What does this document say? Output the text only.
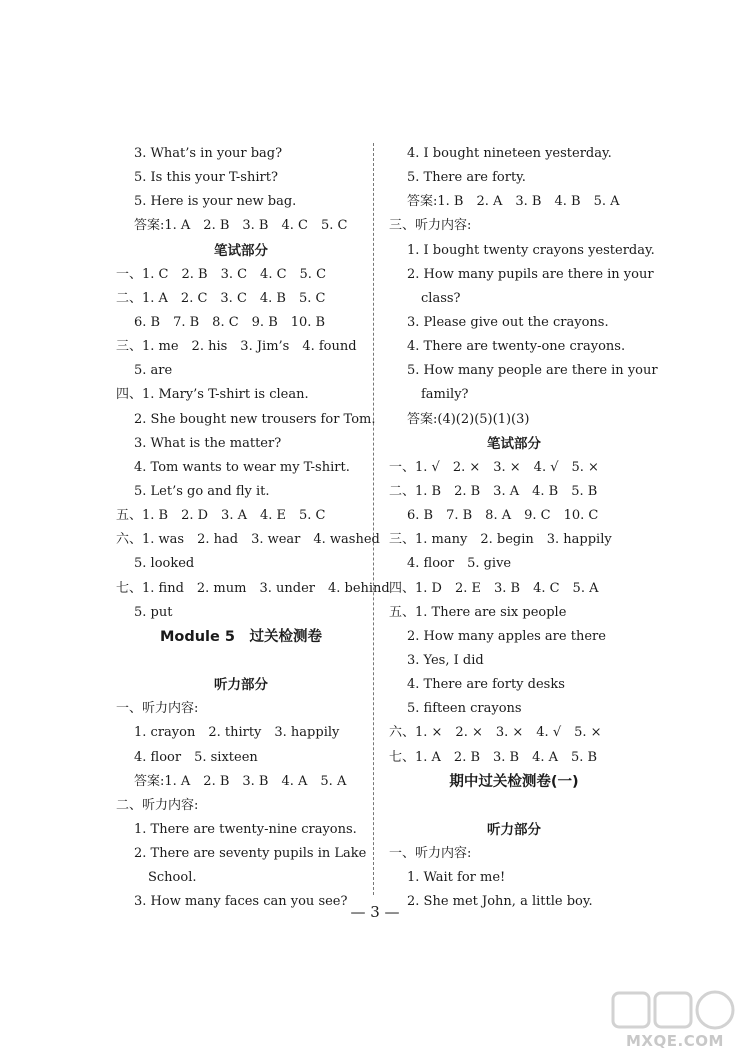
3. What’s in your bag?
5. Is this your T-shirt?
5. Here is your new bag.
答案:1. A　2. B　3. B　4. C　5. C
笔试部分
一、1. C　2. B　3. C　4. C　5. C
二、1. A　2. C　3. C　4. B　5. C
6. B　7. B　8. C　9. B　10. B
三、1. me　2. his　3. Jim’s　4. found
5. are
四、1. Mary’s T-shirt is clean.
2. She bought new trousers for Tom.
3. What is the matter?
4. Tom wants to wear my T-shirt.
5. Let’s go and fly it.
五、1. B　2. D　3. A　4. E　5. C
六、1. was　2. had　3. wear　4. washed
5. looked
七、1. find　2. mum　3. under　4. behind
5. put
Module 5　过关检测卷
听力部分
一、听力内容:
1. crayon　2. thirty　3. happily
4. floor　5. sixteen
答案:1. A　2. B　3. B　4. A　5. A
二、听力内容:
1. There are twenty-nine crayons.
2. There are seventy pupils in Lake
School.
3. How many faces can you see?
4. I bought nineteen yesterday.
5. There are forty.
答案:1. B　2. A　3. B　4. B　5. A
三、听力内容:
1. I bought twenty crayons yesterday.
2. How many pupils are there in your
class?
3. Please give out the crayons.
4. There are twenty-one crayons.
5. How many people are there in your
family?
答案:(4)(2)(5)(1)(3)
笔试部分
一、1. √　2. ×　3. ×　4. √　5. ×
二、1. B　2. B　3. A　4. B　5. B
6. B　7. B　8. A　9. C　10. C
三、1. many　2. begin　3. happily
4. floor　5. give
四、1. D　2. E　3. B　4. C　5. A
五、1. There are six people
2. How many apples are there
3. Yes, I did
4. There are forty desks
5. fifteen crayons
六、1. ×　2. ×　3. ×　4. √　5. ×
七、1. A　2. B　3. B　4. A　5. B
期中过关检测卷(一)
听力部分
一、听力内容:
1. Wait for me!
2. She met John, a little boy.
— 3 —
MXQE.COM
